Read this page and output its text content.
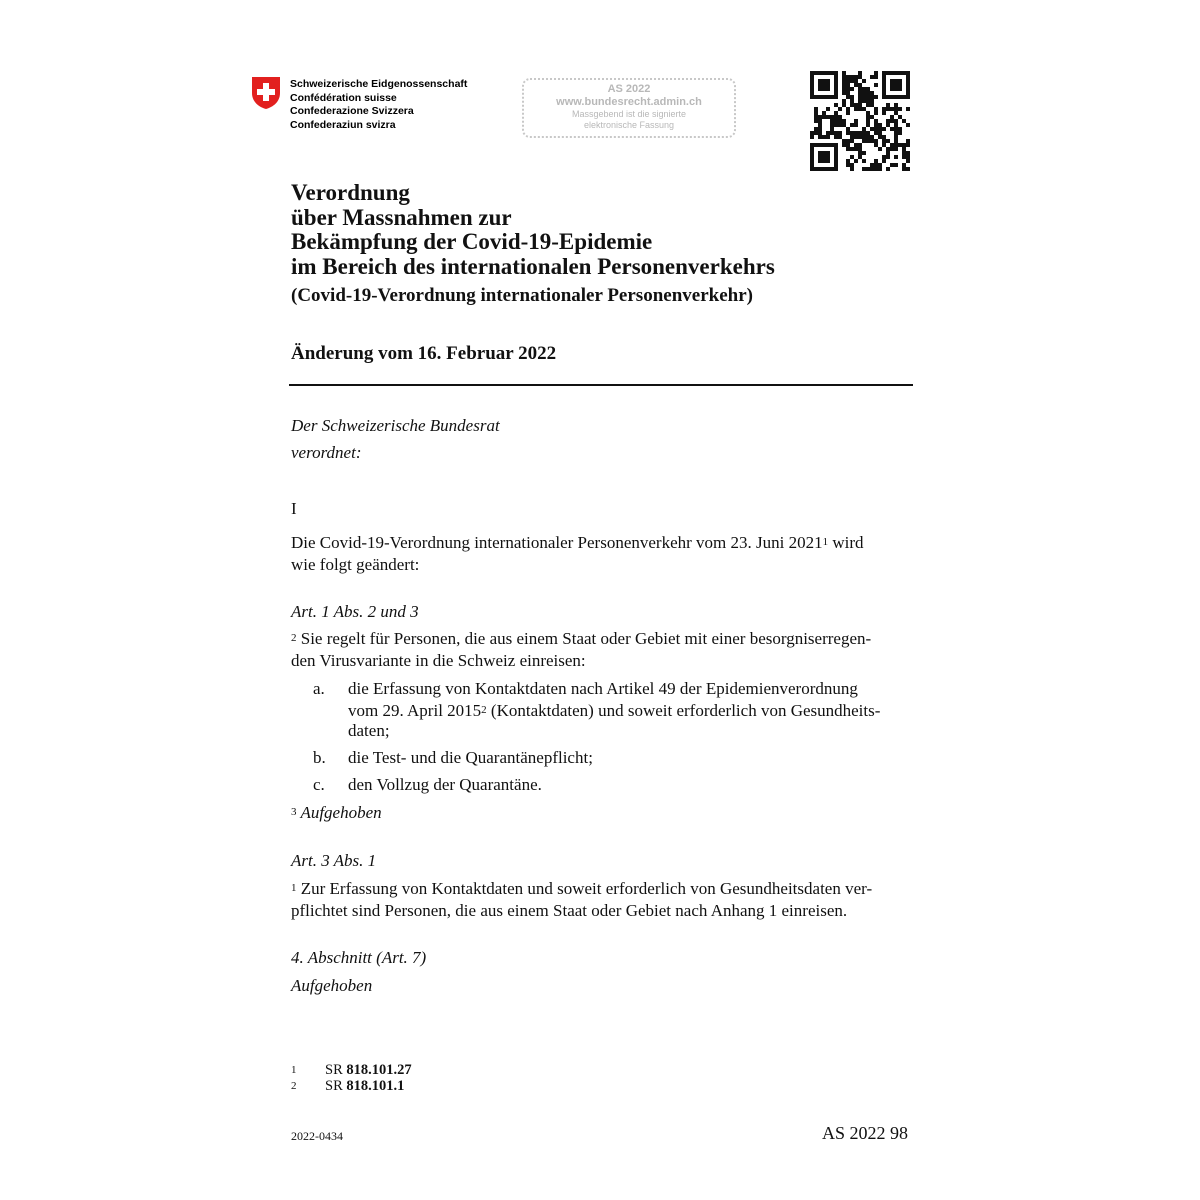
Schweizerische Eidgenossenschaft
Confédération suisse
Confederazione Svizzera
Confederaziun svizra
AS 2022
www.bundesrecht.admin.ch
Massgebend ist die signierte
elektronische Fassung
Verordnung
über Massnahmen zur
Bekämpfung der Covid-19-Epidemie
im Bereich des internationalen Personenverkehrs
(Covid-19-Verordnung internationaler Personenverkehr)
Änderung vom 16. Februar 2022
Der Schweizerische Bundesrat
verordnet:
I
Die Covid-19-Verordnung internationaler Personenverkehr vom 23. Juni 2021$^1$ wird
wie folgt geändert:
Art. 1 Abs. 2 und 3
$^2$ Sie regelt für Personen, die aus einem Staat oder Gebiet mit einer besorgniserregen-
den Virusvariante in die Schweiz einreisen:
a. die Erfassung von Kontaktdaten nach Artikel 49 der Epidemienverordnung
vom 29. April 2015$^2$ (Kontaktdaten) und soweit erforderlich von Gesundheits-
daten;
b. die Test- und die Quarantänepflicht;
c. den Vollzug der Quarantäne.
$^3$ Aufgehoben
Art. 3 Abs. 1
$^1$ Zur Erfassung von Kontaktdaten und soweit erforderlich von Gesundheitsdaten ver-
pflichtet sind Personen, die aus einem Staat oder Gebiet nach Anhang 1 einreisen.
4. Abschnitt (Art. 7)
Aufgehoben
1 SR 818.101.27
2 SR 818.101.1
2022-0434	AS 2022 98
